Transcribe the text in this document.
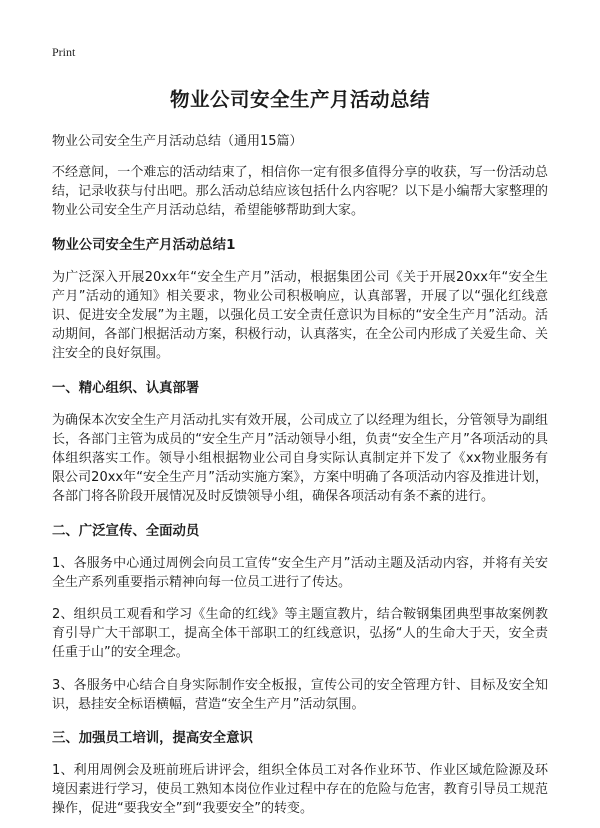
Print
物业公司安全生产月活动总结
物业公司安全生产月活动总结（通用15篇）

不经意间，一个难忘的活动结束了，相信你一定有很多值得分享的收获，写一份活动总结，记录收获与付出吧。那么活动总结应该包括什么内容呢？以下是小编帮大家整理的物业公司安全生产月活动总结，希望能够帮助到大家。

物业公司安全生产月活动总结1

为广泛深入开展20xx年“安全生产月”活动，根据集团公司《关于开展20xx年“安全生产月”活动的通知》相关要求，物业公司积极响应，认真部署，开展了以“强化红线意识、促进安全发展”为主题，以强化员工安全责任意识为目标的“安全生产月”活动。活动期间，各部门根据活动方案，积极行动，认真落实，在全公司内形成了关爱生命、关注安全的良好氛围。

一、精心组织、认真部署

为确保本次安全生产月活动扎实有效开展，公司成立了以经理为组长，分管领导为副组长，各部门主管为成员的“安全生产月”活动领导小组，负责“安全生产月”各项活动的具体组织落实工作。领导小组根据物业公司自身实际认真制定并下发了《xx物业服务有限公司20xx年“安全生产月”活动实施方案》，方案中明确了各项活动内容及推进计划，各部门将各阶段开展情况及时反馈领导小组，确保各项活动有条不紊的进行。

二、广泛宣传、全面动员

1、各服务中心通过周例会向员工宣传“安全生产月”活动主题及活动内容，并将有关安全生产系列重要指示精神向每一位员工进行了传达。

2、组织员工观看和学习《生命的红线》等主题宣教片，结合鞍钢集团典型事故案例教育引导广大干部职工，提高全体干部职工的红线意识，弘扬“人的生命大于天，安全责任重于山”的安全理念。

3、各服务中心结合自身实际制作安全板报，宣传公司的安全管理方针、目标及安全知识，悬挂安全标语横幅，营造“安全生产月”活动氛围。

三、加强员工培训，提高安全意识

1、利用周例会及班前班后讲评会，组织全体员工对各作业环节、作业区域危险源及环境因素进行学习，使员工熟知本岗位作业过程中存在的危险与危害，教育引导员工规范操作，促进“要我安全”到“我要安全”的转变。
